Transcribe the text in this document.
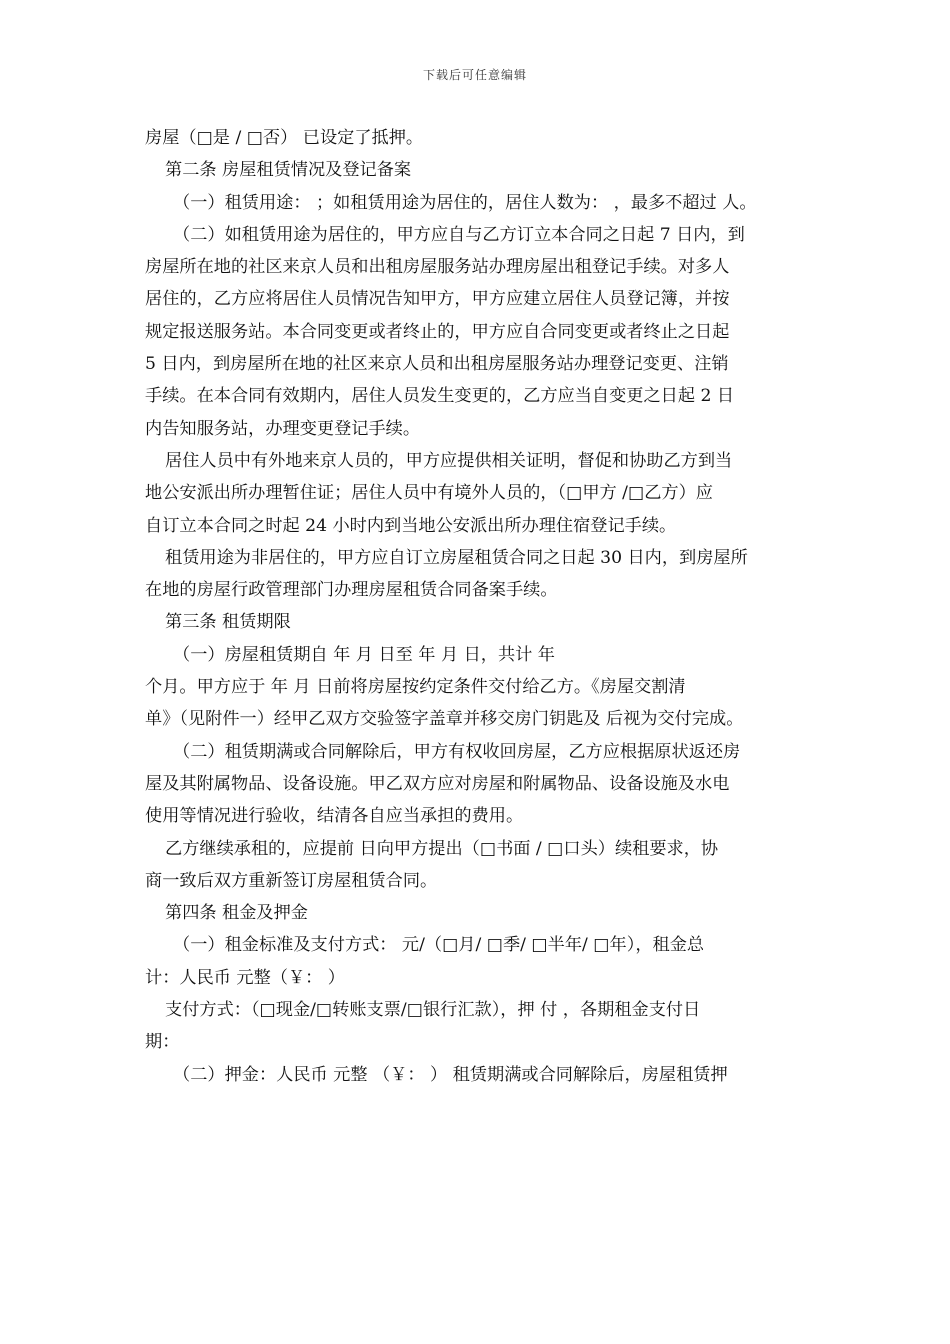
下载后可任意编辑
房屋（□是 / □否） 已设定了抵押。
第二条 房屋租赁情况及登记备案
（一）租赁用途： ；如租赁用途为居住的，居住人数为： ，最多不超过 人。
（二）如租赁用途为居住的，甲方应自与乙方订立本合同之日起 7 日内，到
房屋所在地的社区来京人员和出租房屋服务站办理房屋出租登记手续。对多人
居住的，乙方应将居住人员情况告知甲方，甲方应建立居住人员登记簿，并按
规定报送服务站。本合同变更或者终止的，甲方应自合同变更或者终止之日起
5 日内，到房屋所在地的社区来京人员和出租房屋服务站办理登记变更、注销
手续。在本合同有效期内，居住人员发生变更的，乙方应当自变更之日起 2 日
内告知服务站，办理变更登记手续。
居住人员中有外地来京人员的，甲方应提供相关证明，督促和协助乙方到当
地公安派出所办理暂住证；居住人员中有境外人员的，（□甲方 /□乙方）应
自订立本合同之时起 24 小时内到当地公安派出所办理住宿登记手续。
租赁用途为非居住的，甲方应自订立房屋租赁合同之日起 30 日内，到房屋所
在地的房屋行政管理部门办理房屋租赁合同备案手续。
第三条 租赁期限
（一）房屋租赁期自 年 月 日至 年 月 日，共计 年
个月。甲方应于 年 月 日前将房屋按约定条件交付给乙方。《房屋交割清
单》（见附件一）经甲乙双方交验签字盖章并移交房门钥匙及 后视为交付完成。
（二）租赁期满或合同解除后，甲方有权收回房屋，乙方应根据原状返还房
屋及其附属物品、设备设施。甲乙双方应对房屋和附属物品、设备设施及水电
使用等情况进行验收，结清各自应当承担的费用。
乙方继续承租的，应提前 日向甲方提出（□书面 / □口头）续租要求，协
商一致后双方重新签订房屋租赁合同。
第四条 租金及押金
（一）租金标准及支付方式： 元/（□月/ □季/ □半年/ □年），租金总
计：人民币 元整（￥： ）
支付方式：（□现金/□转账支票/□银行汇款），押 付 ，各期租金支付日
期：
（二）押金：人民币 元整 （￥： ） 租赁期满或合同解除后，房屋租赁押
